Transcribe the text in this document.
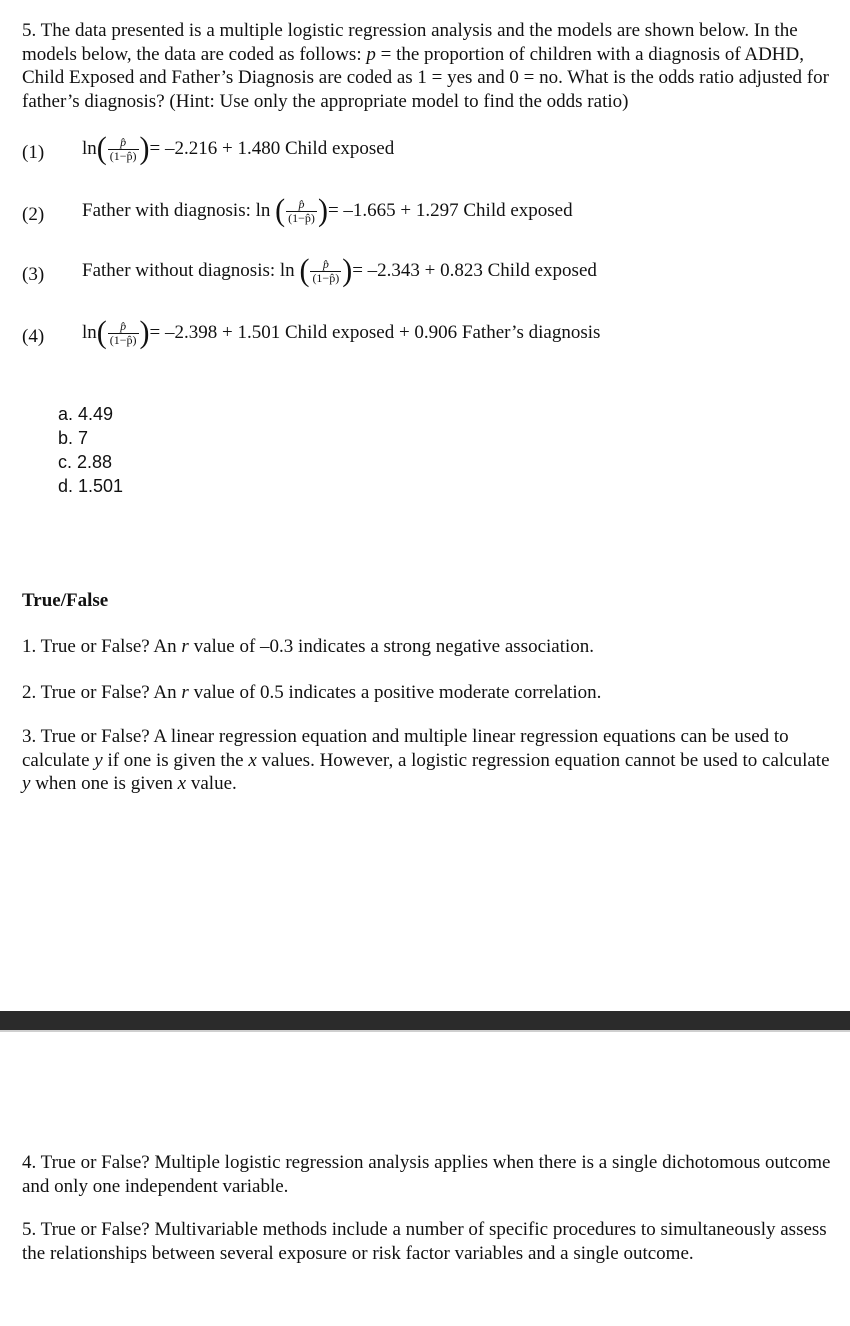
5. The data presented is a multiple logistic regression analysis and the models are shown below. In the models below, the data are coded as follows: p = the proportion of children with a diagnosis of ADHD, Child Exposed and Father’s Diagnosis are coded as 1 = yes and 0 = no. What is the odds ratio adjusted for father’s diagnosis? (Hint: Use only the appropriate model to find the odds ratio)
(1) $\ln( \frac{p̂}{(1-p̂)}$ )= –2.216 + 1.480 Child exposed
(2) Father with diagnosis: ln ( $\frac{p̂}{(1-p̂)}$ )= –1.665 + 1.297 Child exposed
(3) Father without diagnosis: ln ( $\frac{p̂}{(1-p̂)}$ )= –2.343 + 0.823 Child exposed
(4) $\ln( \frac{p̂}{(1-p̂)}$ )= –2.398 + 1.501 Child exposed + 0.906 Father’s diagnosis
a. 4.49
b. 7
c. 2.88
d. 1.501
True/False
1. True or False? An r value of –0.3 indicates a strong negative association.
2. True or False? An r value of 0.5 indicates a positive moderate correlation.
3. True or False? A linear regression equation and multiple linear regression equations can be used to calculate y if one is given the x values. However, a logistic regression equation cannot be used to calculate y when one is given x value.
4. True or False? Multiple logistic regression analysis applies when there is a single dichotomous outcome and only one independent variable.
5. True or False? Multivariable methods include a number of specific procedures to simultaneously assess the relationships between several exposure or risk factor variables and a single outcome.
